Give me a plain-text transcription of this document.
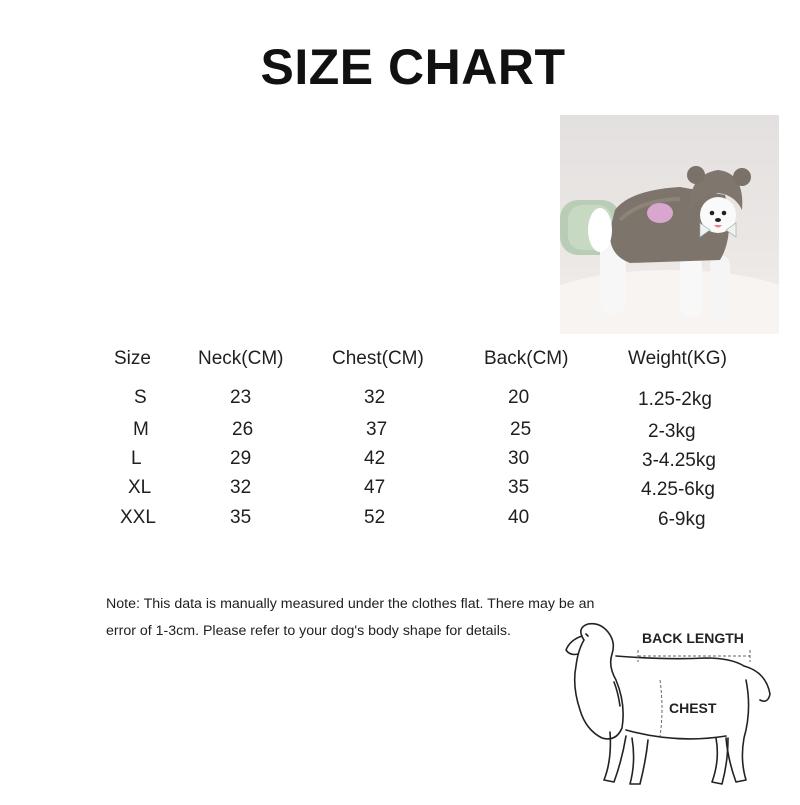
SIZE CHART
Size Neck(CM)	Chest(CM)	Back(CM)	Weight(KG)
S	23	32	20	1.25-2kg
M	26	37	25	2-3kg
L	29	42	30	3-4.25kg
XL	32	47	35	4.25-6kg
XXL	35	52	40	6-9kg
Note: This data is manually measured under the clothes flat. There may be an
error of 1-3cm. Please refer to your dog's body shape for details.	BACK LENGTH
CHEST
